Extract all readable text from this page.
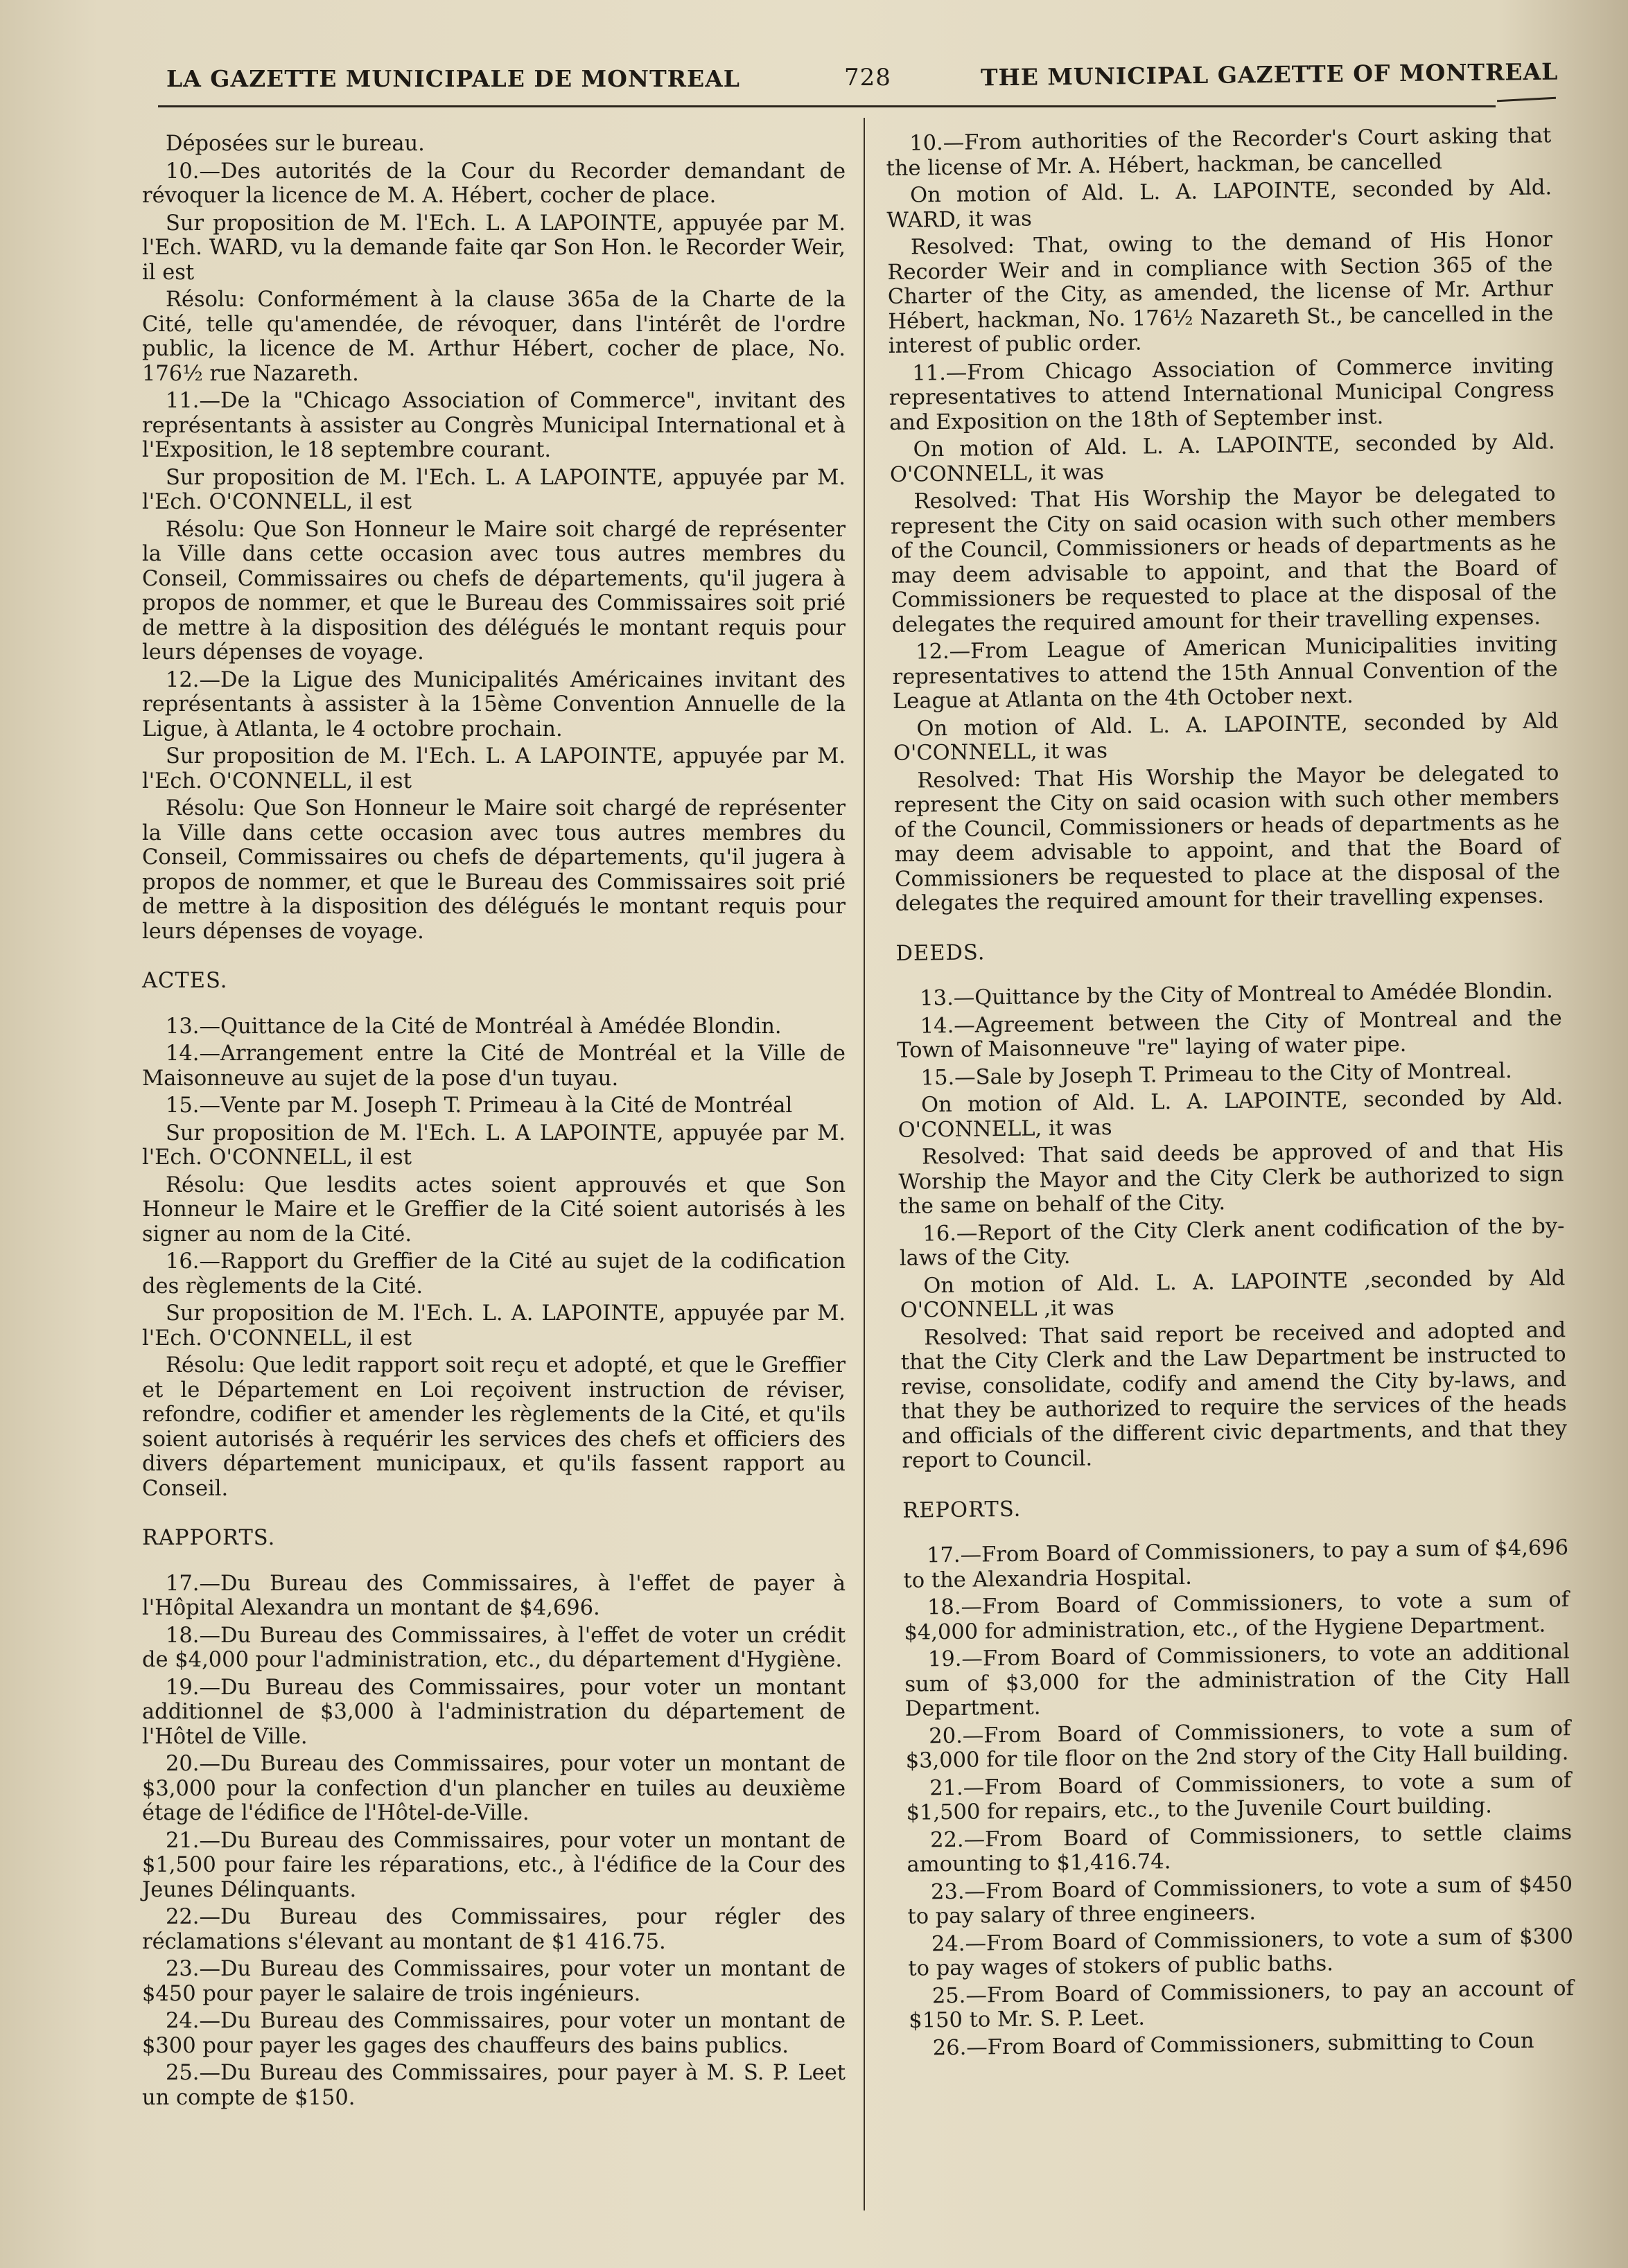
LA GAZETTE MUNICIPALE DE MONTREAL	728	THE MUNICIPAL GAZETTE OF MONTREAL

Déposées sur le bureau.

10.—Des autorités de la Cour du Recorder demandant de révoquer la licence de M. A. Hébert, cocher de place.

Sur proposition de M. l'Ech. L. A LAPOINTE, appuyée par M. l'Ech. WARD, vu la demande faite qar Son Hon. le Recorder Weir, il est

Résolu: Conformément à la clause 365a de la Charte de la Cité, telle qu'amendée, de révoquer, dans l'intérêt de l'ordre public, la licence de M. Arthur Hébert, cocher de place, No. 176½ rue Nazareth.

11.—De la "Chicago Association of Commerce", invitant des représentants à assister au Congrès Municipal International et à l'Exposition, le 18 septembre courant.

Sur proposition de M. l'Ech. L. A LAPOINTE, appuyée par M. l'Ech. O'CONNELL, il est

Résolu: Que Son Honneur le Maire soit chargé de représenter la Ville dans cette occasion avec tous autres membres du Conseil, Commissaires ou chefs de départements, qu'il jugera à propos de nommer, et que le Bureau des Commissaires soit prié de mettre à la disposition des délégués le montant requis pour leurs dépenses de voyage.

12.—De la Ligue des Municipalités Américaines invitant des représentants à assister à la 15ème Convention Annuelle de la Ligue, à Atlanta, le 4 octobre prochain.

Sur proposition de M. l'Ech. L. A LAPOINTE, appuyée par M. l'Ech. O'CONNELL, il est

Résolu: Que Son Honneur le Maire soit chargé de représenter la Ville dans cette occasion avec tous autres membres du Conseil, Commissaires ou chefs de départements, qu'il jugera à propos de nommer, et que le Bureau des Commissaires soit prié de mettre à la disposition des délégués le montant requis pour leurs dépenses de voyage.

ACTES.

13.—Quittance de la Cité de Montréal à Amédée Blondin.

14.—Arrangement entre la Cité de Montréal et la Ville de Maisonneuve au sujet de la pose d'un tuyau.

15.—Vente par M. Joseph T. Primeau à la Cité de Montréal

Sur proposition de M. l'Ech. L. A LAPOINTE, appuyée par M. l'Ech. O'CONNELL, il est

Résolu: Que lesdits actes soient approuvés et que Son Honneur le Maire et le Greffier de la Cité soient autorisés à les signer au nom de la Cité.

16.—Rapport du Greffier de la Cité au sujet de la codification des règlements de la Cité.

Sur proposition de M. l'Ech. L. A. LAPOINTE, appuyée par M. l'Ech. O'CONNELL, il est

Résolu: Que ledit rapport soit reçu et adopté, et que le Greffier et le Département en Loi reçoivent instruction de réviser, refondre, codifier et amender les règlements de la Cité, et qu'ils soient autorisés à requérir les services des chefs et officiers des divers département municipaux, et qu'ils fassent rapport au Conseil.

RAPPORTS.

17.—Du Bureau des Commissaires, à l'effet de payer à l'Hôpital Alexandra un montant de $4,696.

18.—Du Bureau des Commissaires, à l'effet de voter un crédit de $4,000 pour l'administration, etc., du département d'Hygiène.

19.—Du Bureau des Commissaires, pour voter un montant additionnel de $3,000 à l'administration du département de l'Hôtel de Ville.

20.—Du Bureau des Commissaires, pour voter un montant de $3,000 pour la confection d'un plancher en tuiles au deuxième étage de l'édifice de l'Hôtel-de-Ville.

21.—Du Bureau des Commissaires, pour voter un montant de $1,500 pour faire les réparations, etc., à l'édifice de la Cour des Jeunes Délinquants.

22.—Du Bureau des Commissaires, pour régler des réclamations s'élevant au montant de $1 416.75.

23.—Du Bureau des Commissaires, pour voter un montant de $450 pour payer le salaire de trois ingénieurs.

24.—Du Bureau des Commissaires, pour voter un montant de $300 pour payer les gages des chauffeurs des bains publics.

25.—Du Bureau des Commissaires, pour payer à M. S. P. Leet un compte de $150.

10.—From authorities of the Recorder's Court asking that the license of Mr. A. Hébert, hackman, be cancelled

On motion of Ald. L. A. LAPOINTE, seconded by Ald. WARD, it was

Resolved: That, owing to the demand of His Honor Recorder Weir and in compliance with Section 365 of the Charter of the City, as amended, the license of Mr. Arthur Hébert, hackman, No. 176½ Nazareth St., be cancelled in the interest of public order.

11.—From Chicago Association of Commerce inviting representatives to attend International Municipal Congress and Exposition on the 18th of September inst.

On motion of Ald. L. A. LAPOINTE, seconded by Ald. O'CONNELL, it was

Resolved: That His Worship the Mayor be delegated to represent the City on said ocasion with such other members of the Council, Commissioners or heads of departments as he may deem advisable to appoint, and that the Board of Commissioners be requested to place at the disposal of the delegates the required amount for their travelling expenses.

12.—From League of American Municipalities inviting representatives to attend the 15th Annual Convention of the League at Atlanta on the 4th October next.

On motion of Ald. L. A. LAPOINTE, seconded by Ald O'CONNELL, it was

Resolved: That His Worship the Mayor be delegated to represent the City on said ocasion with such other members of the Council, Commissioners or heads of departments as he may deem advisable to appoint, and that the Board of Commissioners be requested to place at the disposal of the delegates the required amount for their travelling expenses.

DEEDS.

13.—Quittance by the City of Montreal to Amédée Blondin.

14.—Agreement between the City of Montreal and the Town of Maisonneuve "re" laying of water pipe.

15.—Sale by Joseph T. Primeau to the City of Montreal.

On motion of Ald. L. A. LAPOINTE, seconded by Ald. O'CONNELL, it was

Resolved: That said deeds be approved of and that His Worship the Mayor and the City Clerk be authorized to sign the same on behalf of the City.

16.—Report of the City Clerk anent codification of the by-laws of the City.

On motion of Ald. L. A. LAPOINTE ,seconded by Ald O'CONNELL ,it was

Resolved: That said report be received and adopted and that the City Clerk and the Law Department be instructed to revise, consolidate, codify and amend the City by-laws, and that they be authorized to require the services of the heads and officials of the different civic departments, and that they report to Council.

REPORTS.

17.—From Board of Commissioners, to pay a sum of $4,696 to the Alexandria Hospital.

18.—From Board of Commissioners, to vote a sum of $4,000 for administration, etc., of the Hygiene Department.

19.—From Board of Commissioners, to vote an additional sum of $3,000 for the administration of the City Hall Department.

20.—From Board of Commissioners, to vote a sum of $3,000 for tile floor on the 2nd story of the City Hall building.

21.—From Board of Commissioners, to vote a sum of $1,500 for repairs, etc., to the Juvenile Court building.

22.—From Board of Commissioners, to settle claims amounting to $1,416.74.

23.—From Board of Commissioners, to vote a sum of $450 to pay salary of three engineers.

24.—From Board of Commissioners, to vote a sum of $300 to pay wages of stokers of public baths.

25.—From Board of Commissioners, to pay an account of $150 to Mr. S. P. Leet.

26.—From Board of Commissioners, submitting to Coun
